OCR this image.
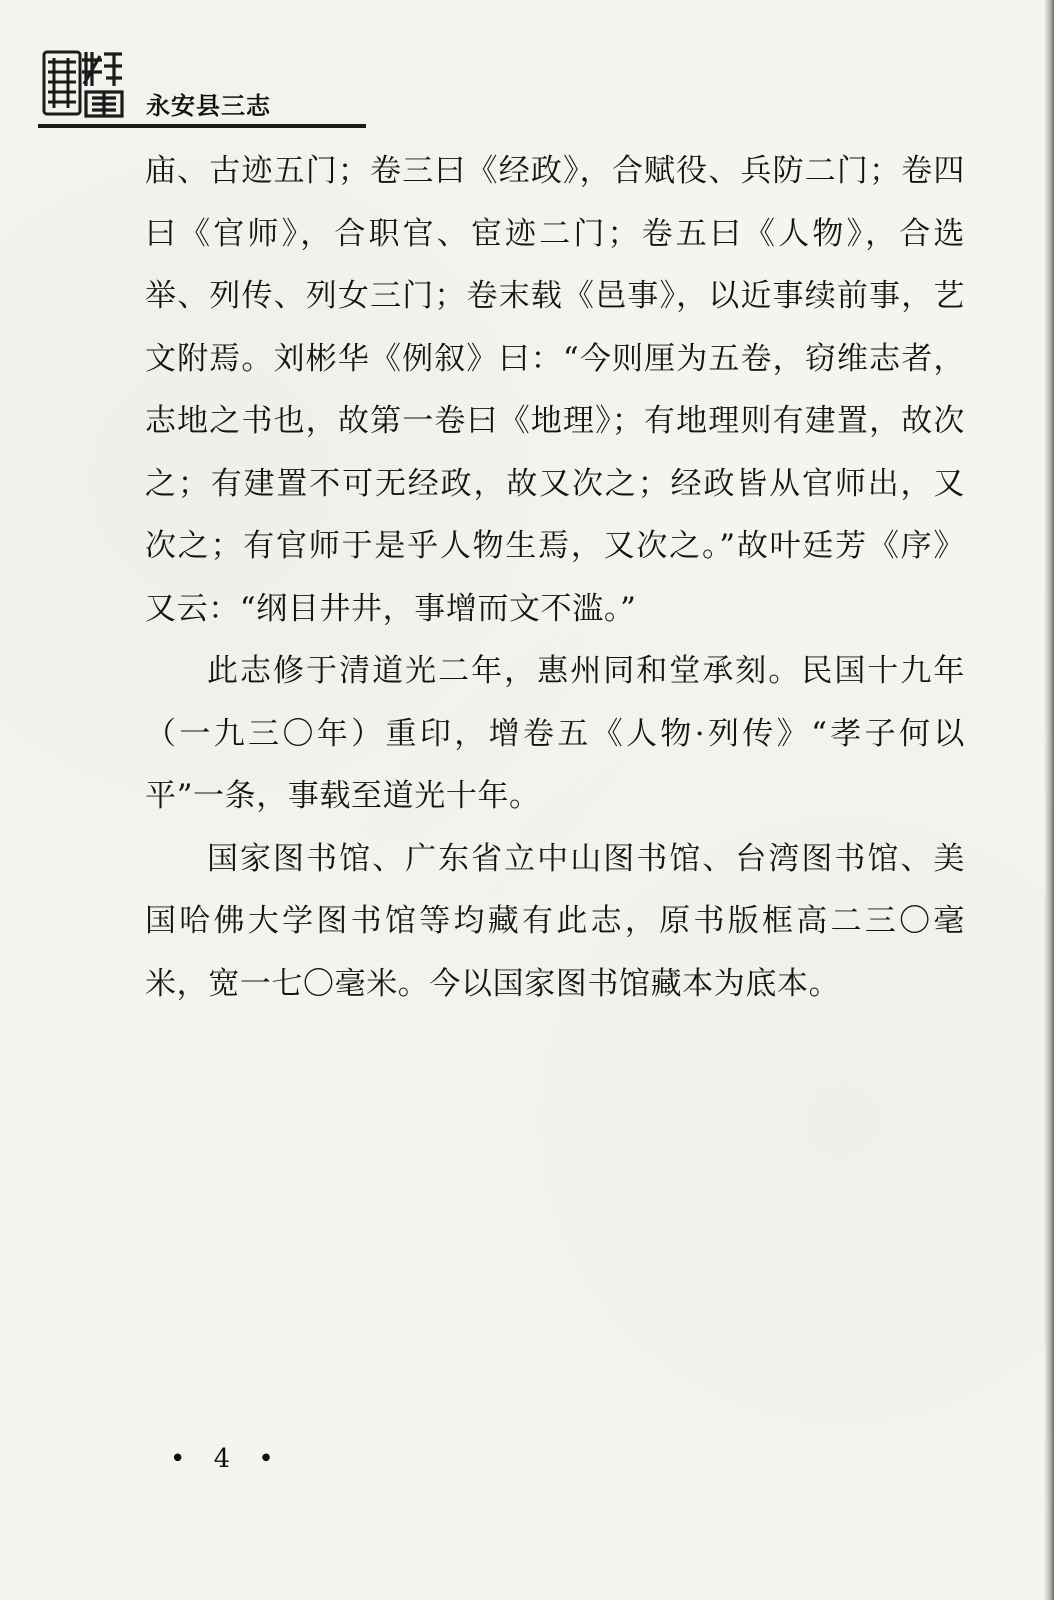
永安县三志

庙、古迹五门；卷三曰《经政》，合赋役、兵防二门；卷四曰《官师》，合职官、宦迹二门；卷五曰《人物》，合选举、列传、列女三门；卷末载《邑事》，以近事续前事，艺文附焉。刘彬华《例叙》曰：“今则厘为五卷，窃维志者，志地之书也，故第一卷曰《地理》；有地理则有建置，故次之；有建置不可无经政，故又次之；经政皆从官师出，又次之；有官师于是乎人物生焉，又次之。”故叶廷芳《序》又云：“纲目井井，事增而文不滥。”

此志修于清道光二年，惠州同和堂承刻。民国十九年（一九三〇年）重印，增卷五《人物·列传》“孝子何以平”一条，事载至道光十年。

国家图书馆、广东省立中山图书馆、台湾图书馆、美国哈佛大学图书馆等均藏有此志，原书版框高二三〇毫米，宽一七〇毫米。今以国家图书馆藏本为底本。

• 4 •
